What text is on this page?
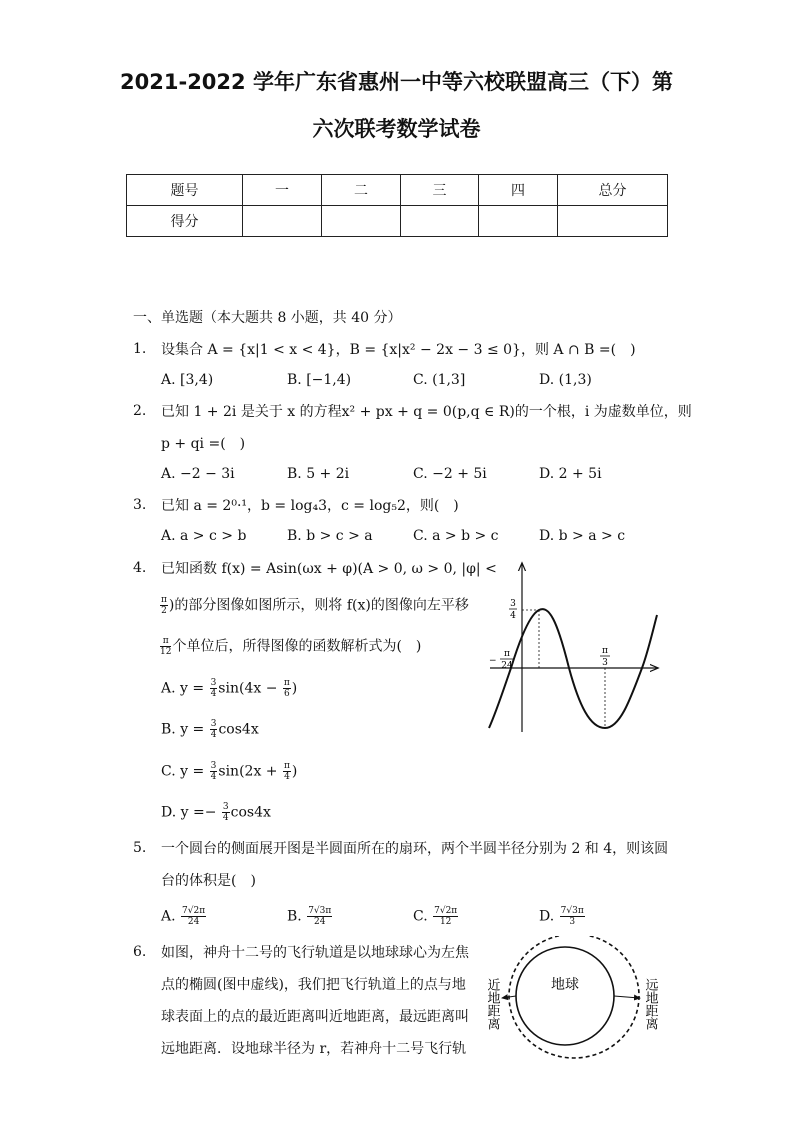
2021-2022 学年广东省惠州一中等六校联盟高三（下）第
六次联考数学试卷
题号	一	二	三	四	总分
得分					
一、单选题（本大题共 8 小题，共 40 分）
1. 设集合 A = {x|1 < x < 4}，B = {x|x² − 2x − 3 ≤ 0}，则 A ∩ B =(　)
A. [3,4)	B. [−1,4)	C. (1,3]	D. (1,3)
2. 已知 1 + 2i 是关于 x 的方程x² + px + q = 0(p,q ∈ R)的一个根，i 为虚数单位，则
p + qi =(　)
A. −2 − 3i	B. 5 + 2i	C. −2 + 5i	D. 2 + 5i
3. 已知 a = 2⁰·¹，b = log₄3，c = log₅2，则(　)
A. a > c > b	B. b > c > a	C. a > b > c	D. b > a > c
4. 已知函数 f(x) = Asin(ωx + φ)(A > 0, ω > 0, |φ| <
$\frac{\pi}{2}$ )的部分图像如图所示，则将 f(x)的图像向左平移
$\frac{\pi}{12}$ 个单位后，所得图像的函数解析式为(　)
A. $y = \frac{3}{4} \sin(4x - \frac{\pi}{6}$ )
B. $y = \frac{3}{4} \cos 4x$
C. $y = \frac{3}{4} \sin(2x + \frac{\pi}{4}$ )
D. $y =- \frac{3}{4} \cos 4x$
3
4
−
π
24
π
3
5. 一个圆台的侧面展开图是半圆面所在的扇环，两个半圆半径分别为 2 和 4，则该圆
台的体积是(　)
A. $\frac{7√2\pi}{24}$	B. $\frac{7√3\pi}{24}$	C. $\frac{7√2\pi}{12}$	D. $\frac{7√3\pi}{3}$
6. 如图，神舟十二号的飞行轨道是以地球球心为左焦
点的椭圆(图中虚线)，我们把飞行轨道上的点与地
球表面上的点的最近距离叫近地距离，最远距离叫
远地距离．设地球半径为 r，若神舟十二号飞行轨
地球
近地距离	远地距离
